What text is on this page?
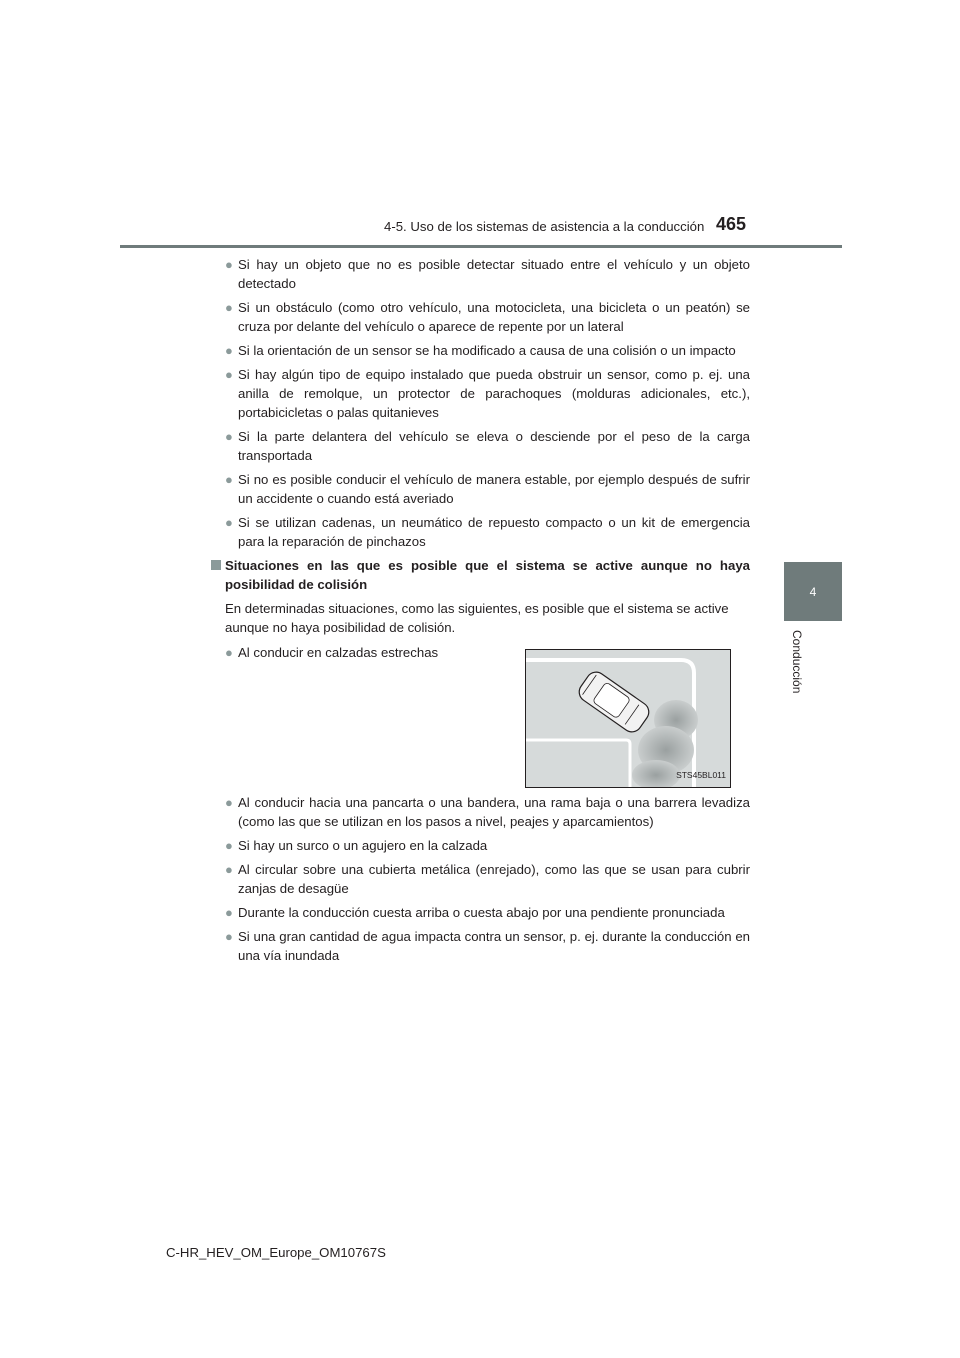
4-5. Uso de los sistemas de asistencia a la conducción 465
4
Conducción
● Si hay un objeto que no es posible detectar situado entre el vehículo y un objeto detectado
● Si un obstáculo (como otro vehículo, una motocicleta, una bicicleta o un peatón) se cruza por delante del vehículo o aparece de repente por un lateral
● Si la orientación de un sensor se ha modificado a causa de una colisión o un impacto
● Si hay algún tipo de equipo instalado que pueda obstruir un sensor, como p. ej. una anilla de remolque, un protector de parachoques (molduras adicionales, etc.), portabicicletas o palas quitanieves
● Si la parte delantera del vehículo se eleva o desciende por el peso de la carga transportada
● Si no es posible conducir el vehículo de manera estable, por ejemplo después de sufrir un accidente o cuando está averiado
● Si se utilizan cadenas, un neumático de repuesto compacto o un kit de emergencia para la reparación de pinchazos
Situaciones en las que es posible que el sistema se active aunque no haya posibilidad de colisión
En determinadas situaciones, como las siguientes, es posible que el sistema se active aunque no haya posibilidad de colisión.
● Al conducir en calzadas estrechas
STS45BL011
● Al conducir hacia una pancarta o una bandera, una rama baja o una barrera levadiza (como las que se utilizan en los pasos a nivel, peajes y aparcamientos)
● Si hay un surco o un agujero en la calzada
● Al circular sobre una cubierta metálica (enrejado), como las que se usan para cubrir zanjas de desagüe
● Durante la conducción cuesta arriba o cuesta abajo por una pendiente pronunciada
● Si una gran cantidad de agua impacta contra un sensor, p. ej. durante la conducción en una vía inundada
C-HR_HEV_OM_Europe_OM10767S
